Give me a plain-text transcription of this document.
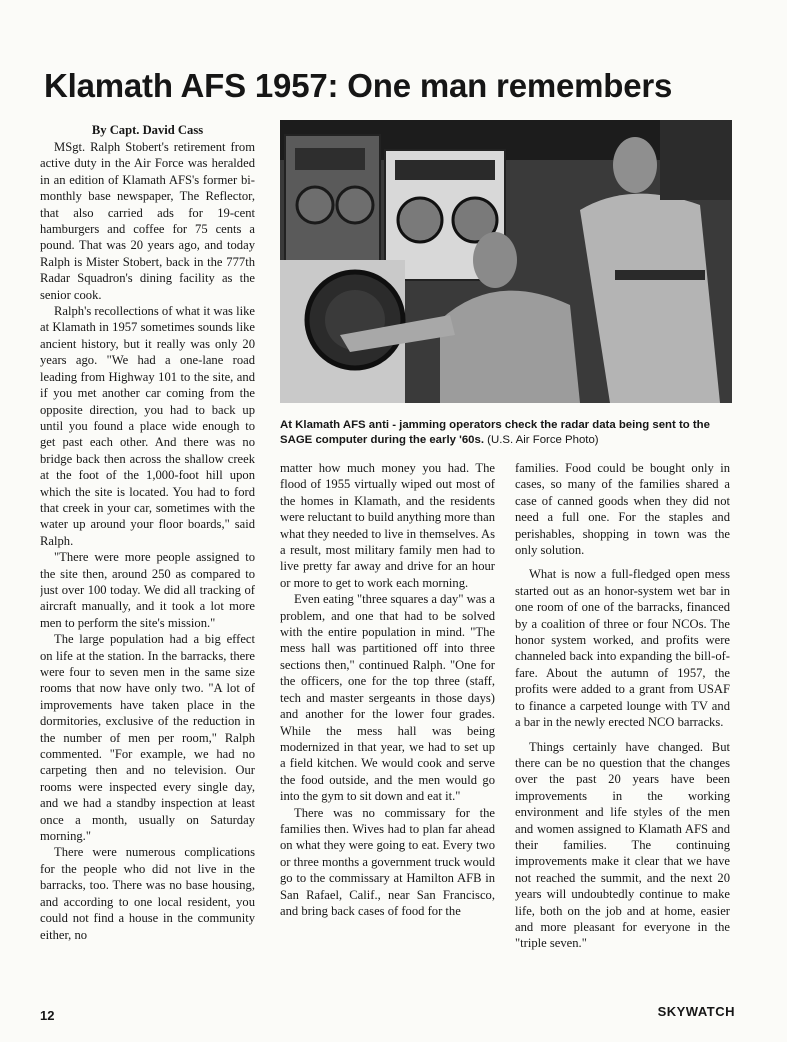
Klamath AFS 1957: One man remembers
By Capt. David Cass

MSgt. Ralph Stobert's retirement from active duty in the Air Force was heralded in an edition of Klamath AFS's former bi-monthly base newspaper, The Reflector, that also carried ads for 19-cent hamburgers and coffee for 75 cents a pound. That was 20 years ago, and today Ralph is Mister Stobert, back in the 777th Radar Squadron's dining facility as the senior cook.

Ralph's recollections of what it was like at Klamath in 1957 sometimes sounds like ancient history, but it really was only 20 years ago. "We had a one-lane road leading from Highway 101 to the site, and if you met another car coming from the opposite direction, you had to back up until you found a place wide enough to get past each other. And there was no bridge back then across the shallow creek at the foot of the 1,000-foot hill upon which the site is located. You had to ford that creek in your car, sometimes with the water up around your floor boards," said Ralph.

"There were more people assigned to the site then, around 250 as compared to just over 100 today. We did all tracking of aircraft manually, and it took a lot more men to perform the site's mission."

The large population had a big effect on life at the station. In the barracks, there were four to seven men in the same size rooms that now have only two. "A lot of improvements have taken place in the dormitories, exclusive of the reduction in the number of men per room," Ralph commented. "For example, we had no carpeting then and no television. Our rooms were inspected every single day, and we had a standby inspection at least once a month, usually on Saturday morning."

There were numerous complications for the people who did not live in the barracks, too. There was no base housing, and according to one local resident, you could not find a house in the community either, no

At Klamath AFS anti - jamming operators check the radar data being sent to the SAGE computer during the early '60s. (U.S. Air Force Photo)

matter how much money you had. The flood of 1955 virtually wiped out most of the homes in Klamath, and the residents were reluctant to build anything more than what they needed to live in themselves. As a result, most military family men had to live pretty far away and drive for an hour or more to get to work each morning.

Even eating "three squares a day" was a problem, and one that had to be solved with the entire population in mind. "The mess hall was partitioned off into three sections then," continued Ralph. "One for the officers, one for the top three (staff, tech and master sergeants in those days) and another for the lower four grades. While the mess hall was being modernized in that year, we had to set up a field kitchen. We would cook and serve the food outside, and the men would go into the gym to sit down and eat it."

There was no commissary for the families then. Wives had to plan far ahead on what they were going to eat. Every two or three months a government truck would go to the commissary at Hamilton AFB in San Rafael, Calif., near San Francisco, and bring back cases of food for the

families. Food could be bought only in cases, so many of the families shared a case of canned goods when they did not need a full one. For the staples and perishables, shopping in town was the only solution.

What is now a full-fledged open mess started out as an honor-system wet bar in one room of one of the barracks, financed by a coalition of three or four NCOs. The honor system worked, and profits were channeled back into expanding the bill-of-fare. About the autumn of 1957, the profits were added to a grant from USAF to finance a carpeted lounge with TV and a bar in the newly erected NCO barracks.

Things certainly have changed. But there can be no question that the changes over the past 20 years have been improvements in the working environment and life styles of the men and women assigned to Klamath AFS and their families. The continuing improvements make it clear that we have not reached the summit, and the next 20 years will undoubtedly continue to make life, both on the job and at home, easier and more pleasant for everyone in the "triple seven."

12	SKYWATCH
